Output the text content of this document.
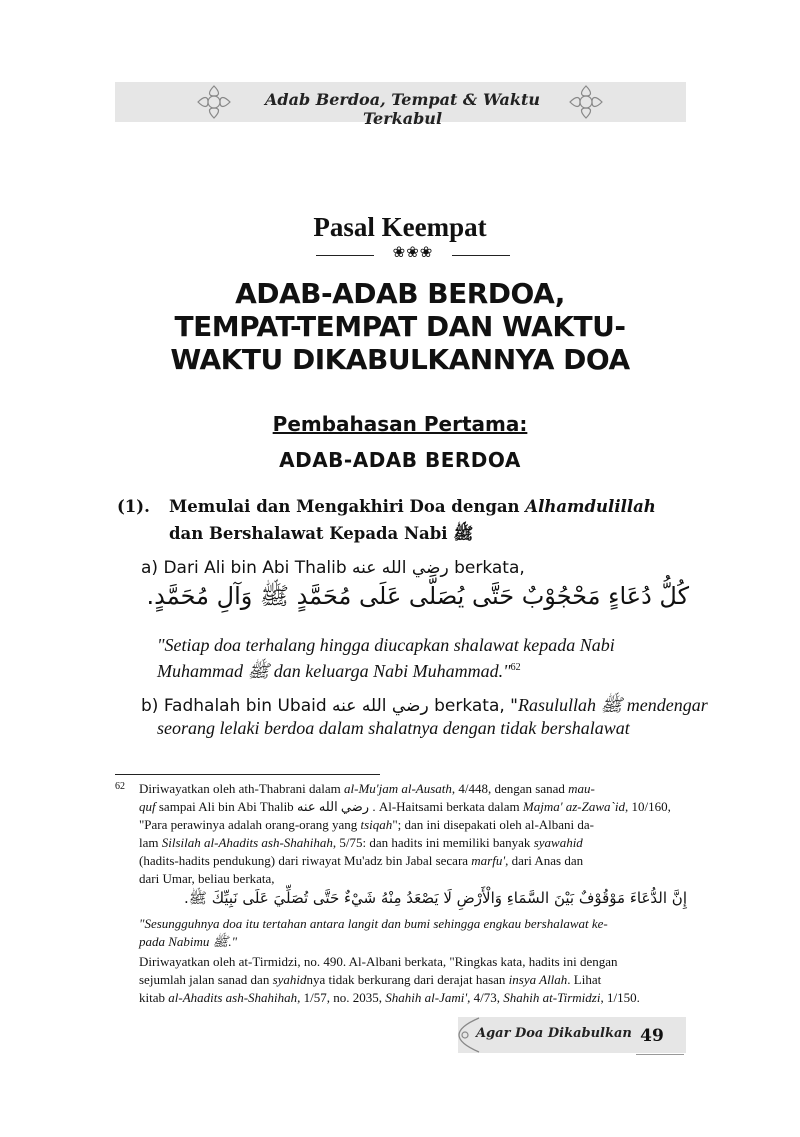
Adab Berdoa, Tempat & Waktu Terkabul
Pasal Keempat
❀❀❀
ADAB-ADAB BERDOA,
TEMPAT-TEMPAT DAN WAKTU-
WAKTU DIKABULKANNYA DOA
Pembahasan Pertama:
ADAB-ADAB BERDOA
(1). Memulai dan Mengakhiri Doa dengan Alhamdulillah
dan Bershalawat Kepada Nabi ﷺ
a) Dari Ali bin Abi Thalib رضي الله عنه berkata,
كُلُّ دُعَاءٍ مَحْجُوْبٌ حَتَّى يُصَلَّى عَلَى مُحَمَّدٍ ﷺ وَآلِ مُحَمَّدٍ.
"Setiap doa terhalang hingga diucapkan shalawat kepada Nabi
Muhammad ﷺ dan keluarga Nabi Muhammad."$^{62}$
b) Fadhalah bin Ubaid رضي الله عنه berkata, "Rasulullah ﷺ mendengar
seorang lelaki berdoa dalam shalatnya dengan tidak bershalawat
62 Diriwayatkan oleh ath-Thabrani dalam al-Mu'jam al-Ausath, 4/448, dengan sanad mau-
quf sampai Ali bin Abi Thalib رضي الله عنه . Al-Haitsami berkata dalam Majma' az-Zawa`id, 10/160,
"Para perawinya adalah orang-orang yang tsiqah"; dan ini disepakati oleh al-Albani da-
lam Silsilah al-Ahadits ash-Shahihah, 5/75: dan hadits ini memiliki banyak syawahid
(hadits-hadits pendukung) dari riwayat Mu'adz bin Jabal secara marfu', dari Anas dan
dari Umar, beliau berkata,
إِنَّ الدُّعَاءَ مَوْقُوْفٌ بَيْنَ السَّمَاءِ وَالْأَرْضِ لَا يَصْعَدُ مِنْهُ شَيْءٌ حَتَّى تُصَلِّيَ عَلَى نَبِيِّكَ ﷺ.
"Sesungguhnya doa itu tertahan antara langit dan bumi sehingga engkau bershalawat ke-
pada Nabimu ﷺ."
Diriwayatkan oleh at-Tirmidzi, no. 490. Al-Albani berkata, "Ringkas kata, hadits ini dengan
sejumlah jalan sanad dan syahidnya tidak berkurang dari derajat hasan insya Allah. Lihat
kitab al-Ahadits ash-Shahihah, 1/57, no. 2035, Shahih al-Jami', 4/73, Shahih at-Tirmidzi, 1/150.
Agar Doa Dikabulkan 49
